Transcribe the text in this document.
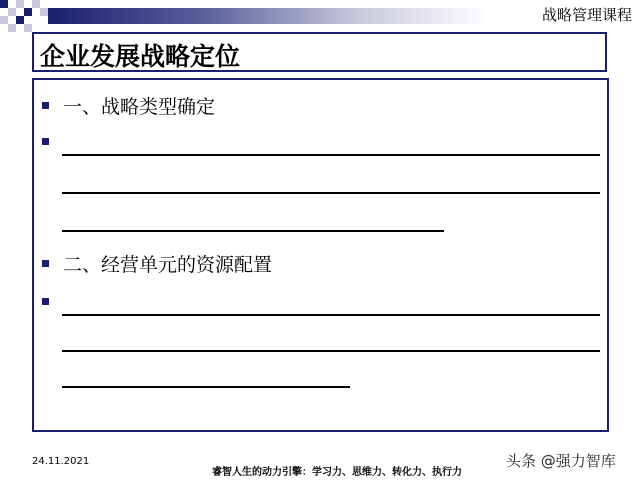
战略管理课程
企业发展战略定位
一、战略类型确定
二、经营单元的资源配置
24.11.2021
睿智人生的动力引擎：学习力、思维力、转化力、执行力
头条 @强力智库
